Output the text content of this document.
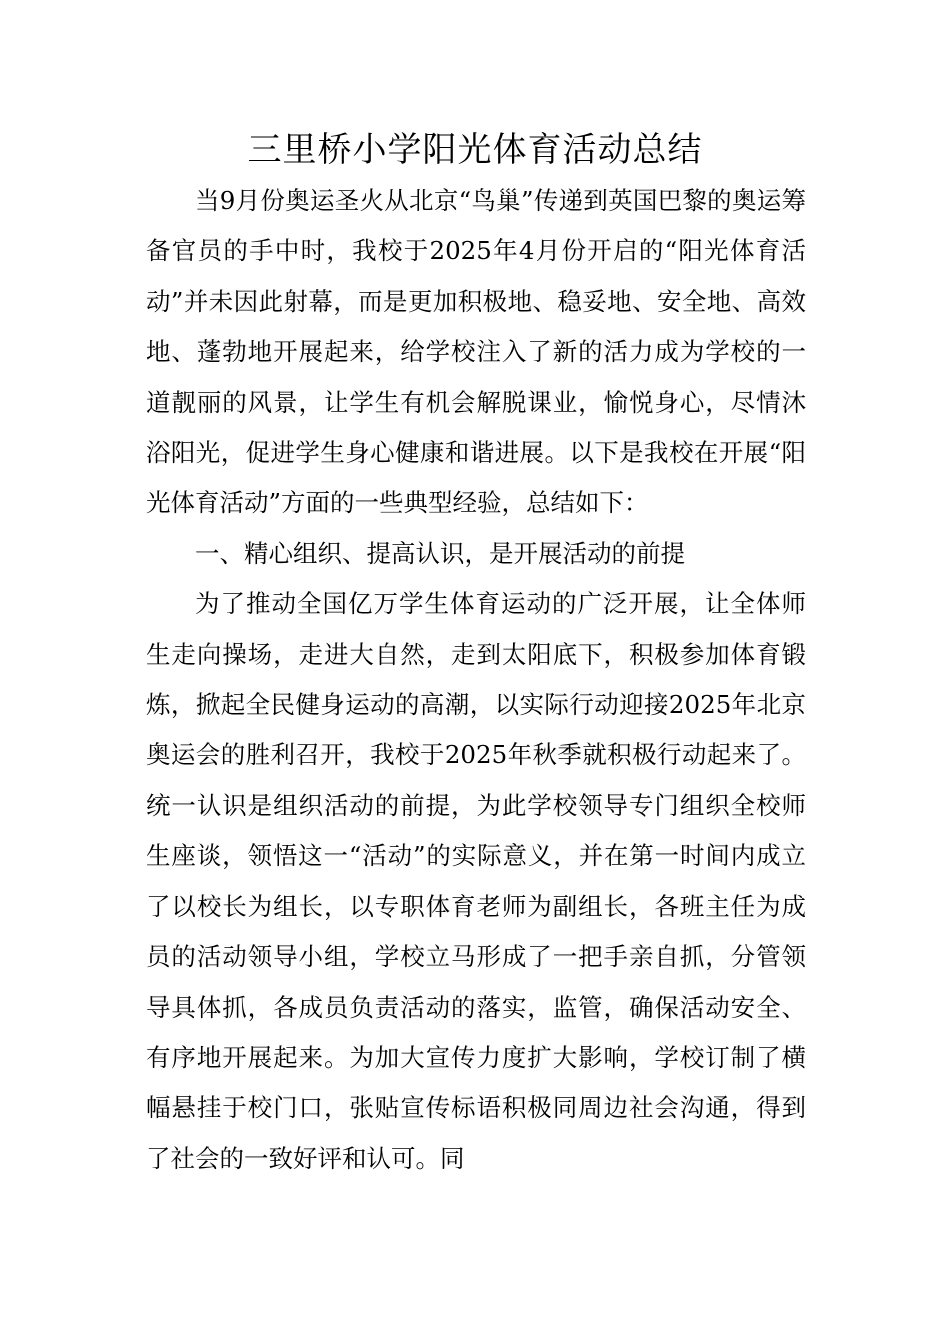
三里桥小学阳光体育活动总结

当9月份奥运圣火从北京“鸟巢”传递到英国巴黎的奥运筹备官员的手中时，我校于2025年4月份开启的“阳光体育活动”并未因此射幕，而是更加积极地、稳妥地、安全地、高效地、蓬勃地开展起来，给学校注入了新的活力成为学校的一道靓丽的风景，让学生有机会解脱课业，愉悦身心，尽情沐浴阳光，促进学生身心健康和谐进展。以下是我校在开展“阳光体育活动”方面的一些典型经验，总结如下：

一、精心组织、提高认识，是开展活动的前提

为了推动全国亿万学生体育运动的广泛开展，让全体师生走向操场，走进大自然，走到太阳底下，积极参加体育锻炼，掀起全民健身运动的高潮，以实际行动迎接2025年北京奥运会的胜利召开，我校于2025年秋季就积极行动起来了。统一认识是组织活动的前提，为此学校领导专门组织全校师生座谈，领悟这一“活动”的实际意义，并在第一时间内成立了以校长为组长，以专职体育老师为副组长，各班主任为成员的活动领导小组，学校立马形成了一把手亲自抓，分管领导具体抓，各成员负责活动的落实，监管，确保活动安全、有序地开展起来。为加大宣传力度扩大影响，学校订制了横幅悬挂于校门口，张贴宣传标语积极同周边社会沟通，得到了社会的一致好评和认可。同
